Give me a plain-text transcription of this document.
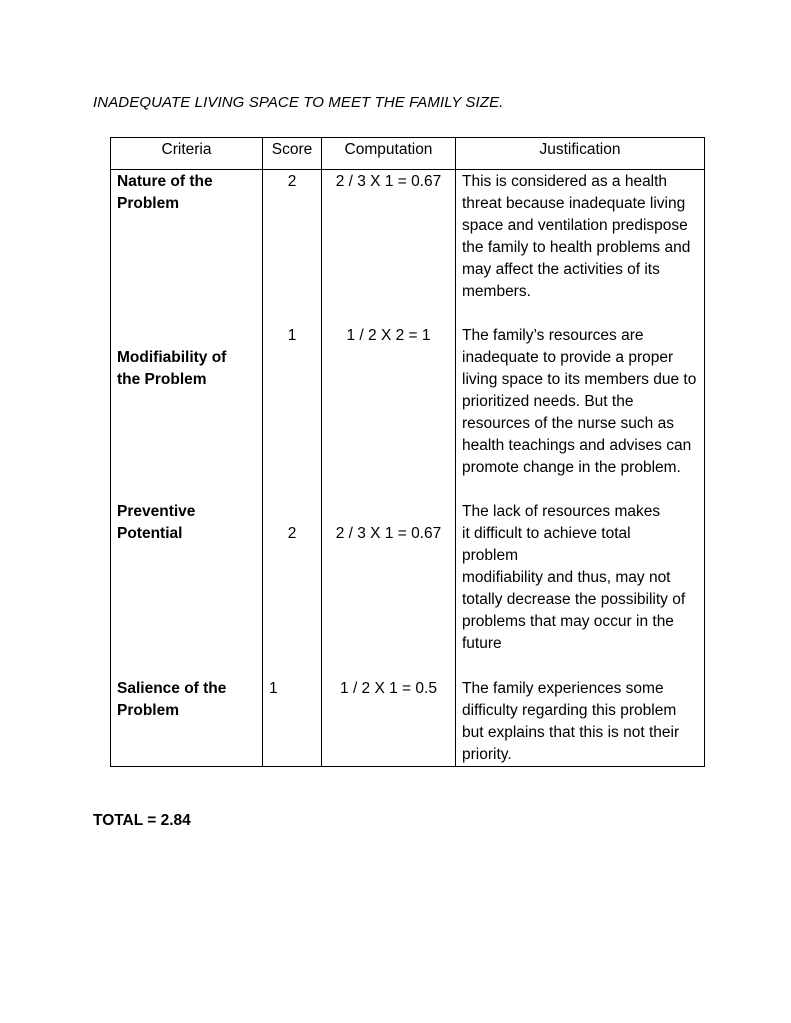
INADEQUATE LIVING SPACE TO MEET THE FAMILY SIZE.
Criteria	Score	Computation	Justification

Nature of the Problem	2	2 / 3 X 1 = 0.67	This is considered as a health threat because inadequate living space and ventilation predispose the family to health problems and may affect the activities of its members.

Modifiability of the Problem	1	1 / 2 X 2 = 1	The family’s resources are inadequate to provide a proper living space to its members due to prioritized needs. But the resources of the nurse such as health teachings and advises can promote change in the problem.

Preventive Potential	2	2 / 3 X 1 = 0.67	The lack of resources makes it difficult to achieve total problem
modifiability and thus, may not totally decrease the possibility of problems that may occur in the future

Salience of the Problem	1	1 / 2 X 1 = 0.5	The family experiences some difficulty regarding this problem but explains that this is not their priority.
TOTAL = 2.84
